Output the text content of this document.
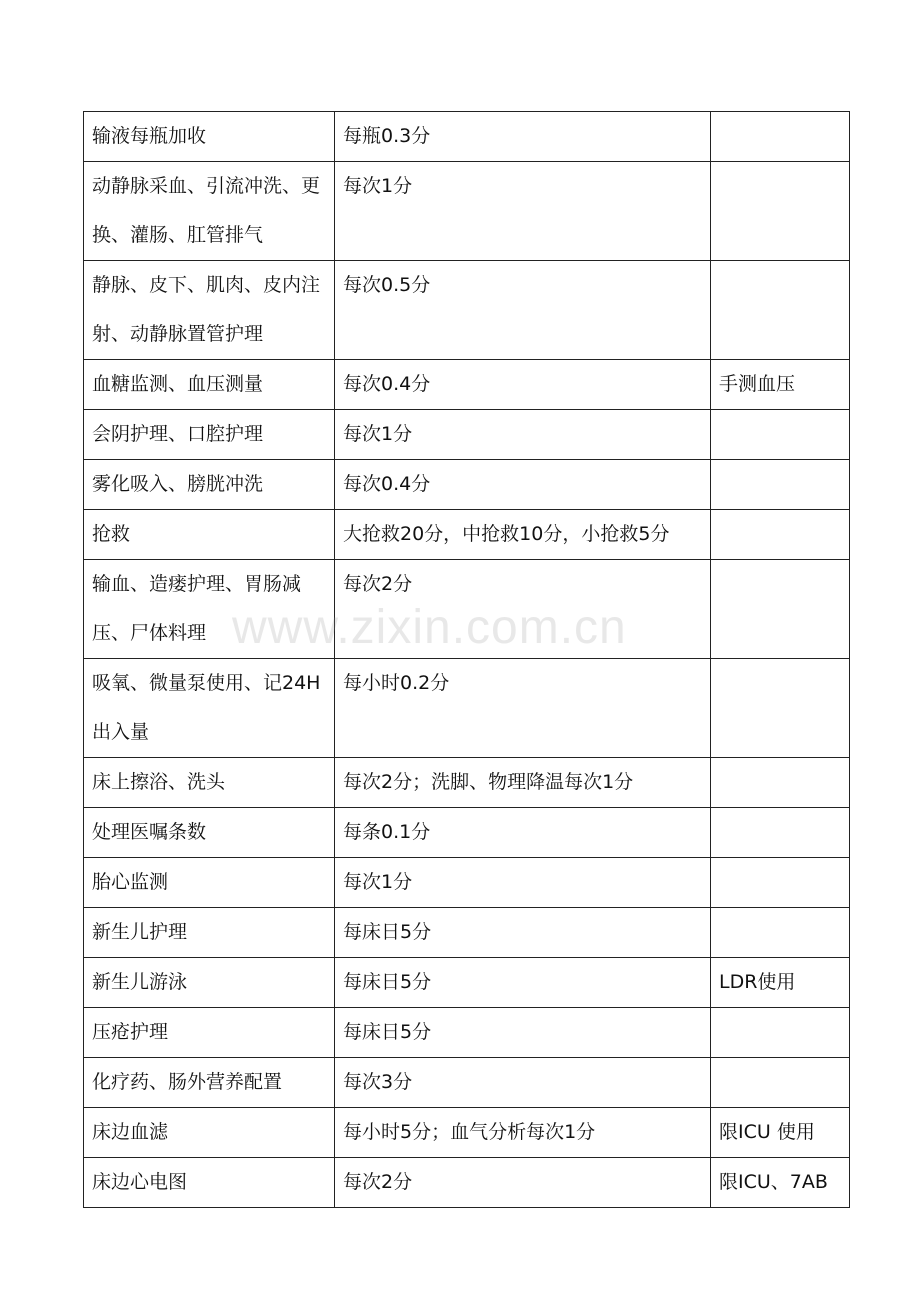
输液每瓶加收	每瓶0.3分	
动静脉采血、引流冲洗、更换、灌肠、肛管排气	每次1分	
静脉、皮下、肌肉、皮内注射、动静脉置管护理	每次0.5分	
血糖监测、血压测量	每次0.4分	手测血压
会阴护理、口腔护理	每次1分	
雾化吸入、膀胱冲洗	每次0.4分	
抢救	大抢救20分，中抢救10分，小抢救5分	
输血、造瘘护理、胃肠减压、尸体料理	每次2分	
吸氧、微量泵使用、记24H出入量	每小时0.2分	
床上擦浴、洗头	每次2分；洗脚、物理降温每次1分	
处理医嘱条数	每条0.1分	
胎心监测	每次1分	
新生儿护理	每床日5分	
新生儿游泳	每床日5分	LDR使用
压疮护理	每床日5分	
化疗药、肠外营养配置	每次3分	
床边血滤	每小时5分；血气分析每次1分	限ICU 使用
床边心电图	每次2分	限ICU、7AB
www.zixin.com.cn
